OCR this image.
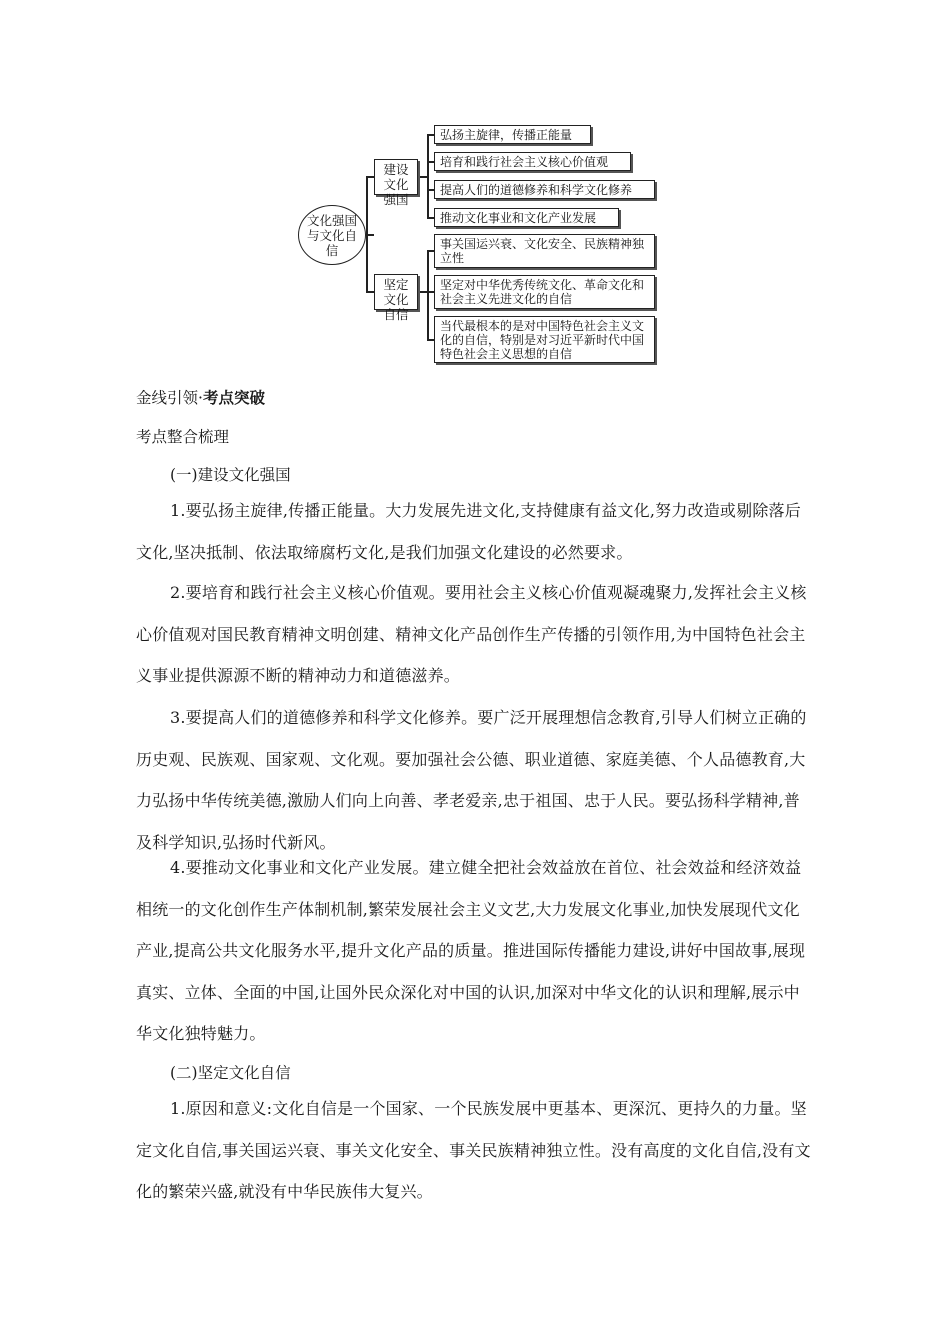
文化强国与文化自信
建设文化强国
坚定文化自信
弘扬主旋律，传播正能量
培育和践行社会主义核心价值观
提高人们的道德修养和科学文化修养
推动文化事业和文化产业发展
事关国运兴衰、文化安全、民族精神独立性
坚定对中华优秀传统文化、革命文化和社会主义先进文化的自信
当代最根本的是对中国特色社会主义文化的自信，特别是对习近平新时代中国特色社会主义思想的自信
金线引领·考点突破
考点整合梳理
(一)建设文化强国
1.要弘扬主旋律,传播正能量。大力发展先进文化,支持健康有益文化,努力改造或剔除落后文化,坚决抵制、依法取缔腐朽文化,是我们加强文化建设的必然要求。
2.要培育和践行社会主义核心价值观。要用社会主义核心价值观凝魂聚力,发挥社会主义核心价值观对国民教育精神文明创建、精神文化产品创作生产传播的引领作用,为中国特色社会主义事业提供源源不断的精神动力和道德滋养。
3.要提高人们的道德修养和科学文化修养。要广泛开展理想信念教育,引导人们树立正确的历史观、民族观、国家观、文化观。要加强社会公德、职业道德、家庭美德、个人品德教育,大力弘扬中华传统美德,激励人们向上向善、孝老爱亲,忠于祖国、忠于人民。要弘扬科学精神,普及科学知识,弘扬时代新风。
4.要推动文化事业和文化产业发展。建立健全把社会效益放在首位、社会效益和经济效益相统一的文化创作生产体制机制,繁荣发展社会主义文艺,大力发展文化事业,加快发展现代文化产业,提高公共文化服务水平,提升文化产品的质量。推进国际传播能力建设,讲好中国故事,展现真实、立体、全面的中国,让国外民众深化对中国的认识,加深对中华文化的认识和理解,展示中华文化独特魅力。
(二)坚定文化自信
1.原因和意义:文化自信是一个国家、一个民族发展中更基本、更深沉、更持久的力量。坚定文化自信,事关国运兴衰、事关文化安全、事关民族精神独立性。没有高度的文化自信,没有文化的繁荣兴盛,就没有中华民族伟大复兴。
